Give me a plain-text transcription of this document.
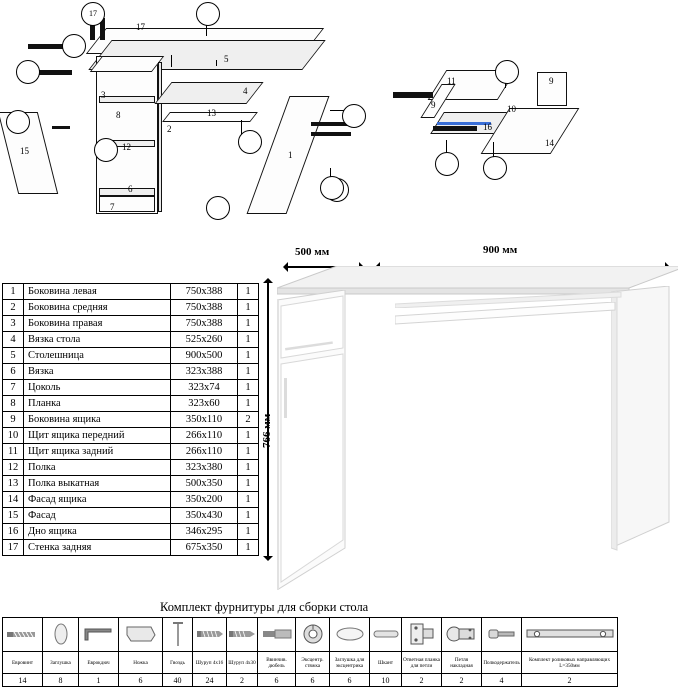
17
17
5
3	4
13
8
2
12
15
6
7
1
11
9
9
10
16
14
500 мм	900 мм
766 мм
1	Боковина левая	750x388	1
2	Боковина средняя	750x388	1
3	Боковина правая	750x388	1
4	Вязка стола	525x260	1
5	Столешница	900x500	1
6	Вязка	323x388	1
7	Цоколь	323x74	1
8	Планка	323x60	1
9	Боковина ящика	350x110	2
10	Щит ящика передний	266x110	1
11	Щит ящика задний	266x110	1
12	Полка	323x380	1
13	Полка выкатная	500x350	1
14	Фасад ящика	350x200	1
15	Фасад	350x430	1
16	Дно ящика	346x295	1
17	Стенка задняя	675x350	1
Комплект фурнитуры для сборки стола

Евровинт	Заглушка	Еврокдюч	Ножка	Гвоздь	Шуруп 4х16	Шуруп 4х30	Ввинчив. дюбель	Эксцентр. стяжка	Заглушка для эксцентрика	Шкант	Ответная планка для петли	Петля накладная	Полкодержатель	Комплект роликовых направляющих L=350мм
14	8	1	6	40	24	2	6	6	6	10	2	2	4	2
